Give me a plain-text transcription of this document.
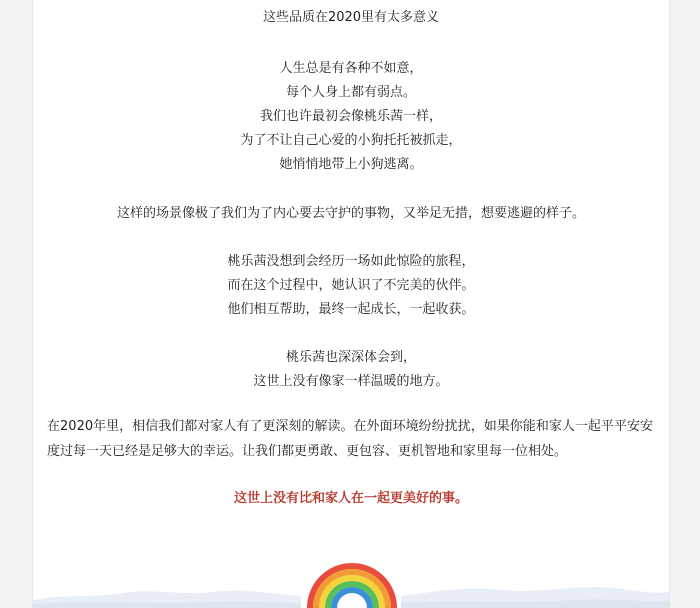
这些品质在2020里有太多意义
人生总是有各种不如意，
每个人身上都有弱点。
我们也许最初会像桃乐茜一样，
为了不让自己心爱的小狗托托被抓走，
她悄悄地带上小狗逃离。
这样的场景像极了我们为了内心要去守护的事物，又举足无措，想要逃避的样子。
桃乐茜没想到会经历一场如此惊险的旅程，
而在这个过程中，她认识了不完美的伙伴。
他们相互帮助，最终一起成长，一起收获。
桃乐茜也深深体会到，
这世上没有像家一样温暖的地方。
在2020年里，相信我们都对家人有了更深刻的解读。在外面环境纷纷扰扰，如果你能和家人一起平平安安度过每一天已经是足够大的幸运。让我们都更勇敢、更包容、更机智地和家里每一位相处。
这世上没有比和家人在一起更美好的事。
